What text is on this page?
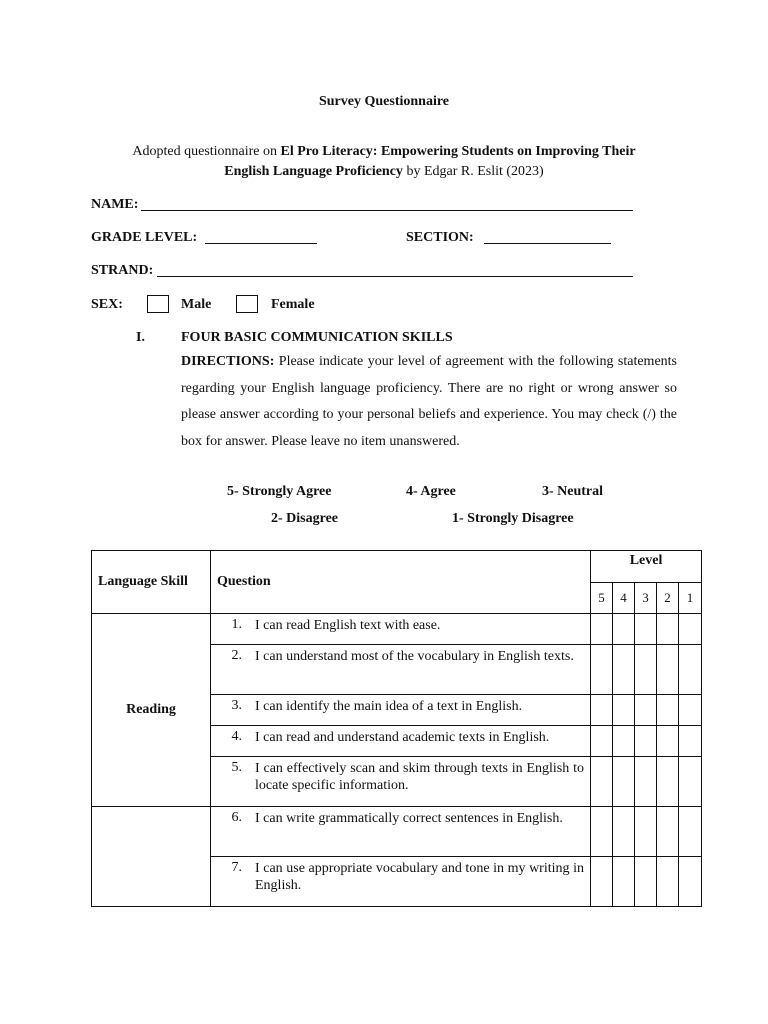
Survey Questionnaire
Adopted questionnaire on El Pro Literacy: Empowering Students on Improving Their
English Language Proficiency by Edgar R. Eslit (2023)
NAME:
GRADE LEVEL:	SECTION:
STRAND:
SEX:	Male	Female
I.	FOUR BASIC COMMUNICATION SKILLS
DIRECTIONS: Please indicate your level of agreement with the following statements regarding your English language proficiency. There are no right or wrong answer so please answer according to your personal beliefs and experience. You may check (/) the box for answer. Please leave no item unanswered.
5- Strongly Agree	4- Agree	3- Neutral
2- Disagree	1- Strongly Disagree
Language Skill	Question	Level				
		5	4	3	2	1
Reading	1. I can read English text with ease.					

	2. I can understand most of the vocabulary in English texts.					

	3. I can identify the main idea of a text in English.					

	4. I can read and understand academic texts in English.					

	5. I can effectively scan and skim through texts in English to locate specific information.					

	6. I can write grammatically correct sentences in English.					

	7. I can use appropriate vocabulary and tone in my writing in English.					
